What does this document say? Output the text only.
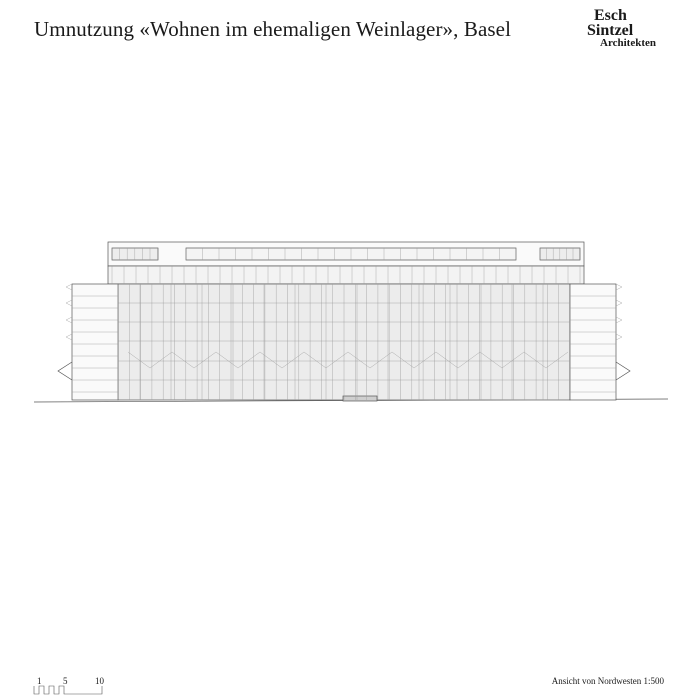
Umnutzung «Wohnen im ehemaligen Weinlager», Basel
Esch
Sintzel
Architekten
1 5	10	Ansicht von Nordwesten 1:500
